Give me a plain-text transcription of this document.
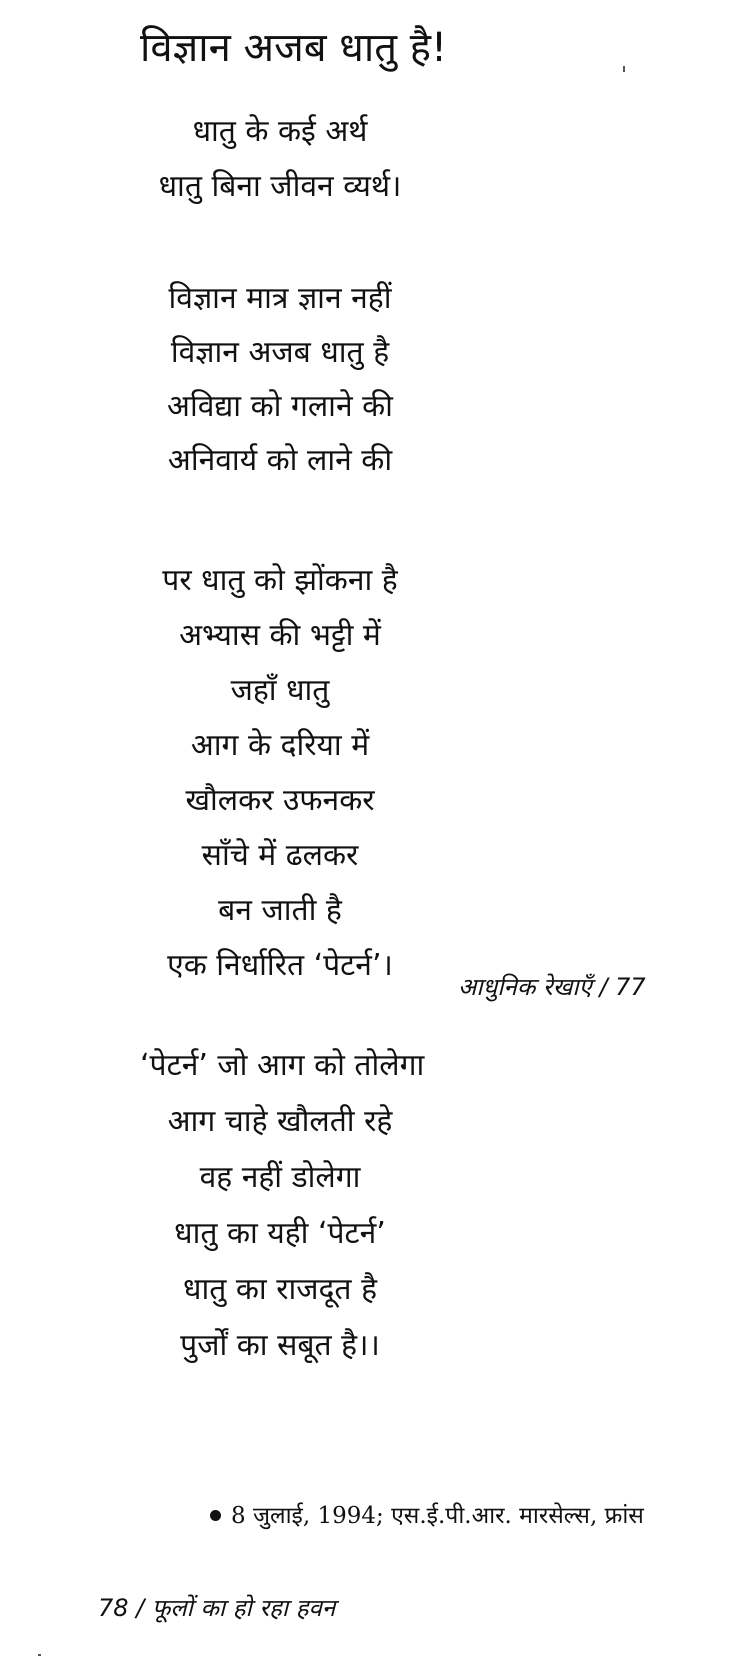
विज्ञान अजब धातु है!
धातु के कई अर्थ
धातु बिना जीवन व्यर्थ।
विज्ञान मात्र ज्ञान नहीं
विज्ञान अजब धातु है
अविद्या को गलाने की
अनिवार्य को लाने की
पर धातु को झोंकना है
अभ्यास की भट्टी में
जहाँ धातु
आग के दरिया में
खौलकर उफनकर
साँचे में ढलकर
बन जाती है
एक निर्धारित ‘पेटर्न’।
आधुनिक रेखाएँ / 77
‘पेटर्न’ जो आग को तोलेगा
आग चाहे खौलती रहे
वह नहीं डोलेगा
धातु का यही ‘पेटर्न’
धातु का राजदूत है
पुर्जों का सबूत है।।
8 जुलाई, 1994; एस.ई.पी.आर. मारसेल्स, फ्रांस
78 / फूलों का हो रहा हवन
